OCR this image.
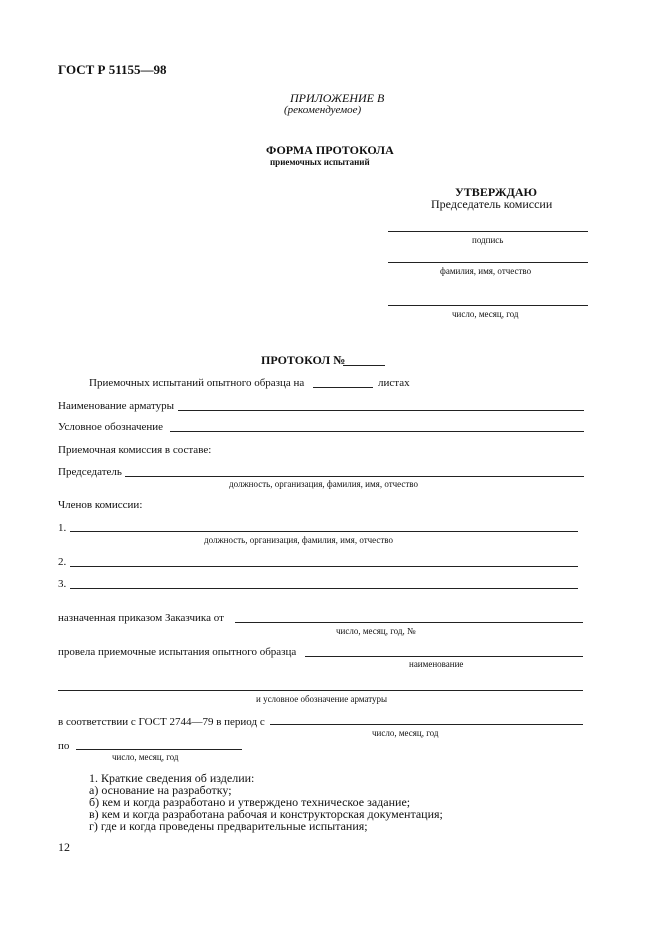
ГОСТ Р 51155—98
ПРИЛОЖЕНИЕ В
(рекомендуемое)
ФОРМА ПРОТОКОЛА
приемочных испытаний
УТВЕРЖДАЮ
Председатель комиссии
подпись
фамилия, имя, отчество
число, месяц, год
ПРОТОКОЛ №
Приемочных испытаний опытного образца на	листах
Наименование арматуры
Условное обозначение
Приемочная комиссия в составе:
Председатель
должность, организация, фамилия, имя, отчество
Членов комиссии:
1.
должность, организация, фамилия, имя, отчество
2.
3.
назначенная приказом Заказчика от
число, месяц, год, №
провела приемочные испытания опытного образца
наименование
и условное обозначение арматуры
в соответствии с ГОСТ 2744—79 в период с
число, месяц, год
по
число, месяц, год
1. Краткие сведения об изделии:
а) основание на разработку;
б) кем и когда разработано и утверждено техническое задание;
в) кем и когда разработана рабочая и конструкторская документация;
г) где и когда проведены предварительные испытания;
12
